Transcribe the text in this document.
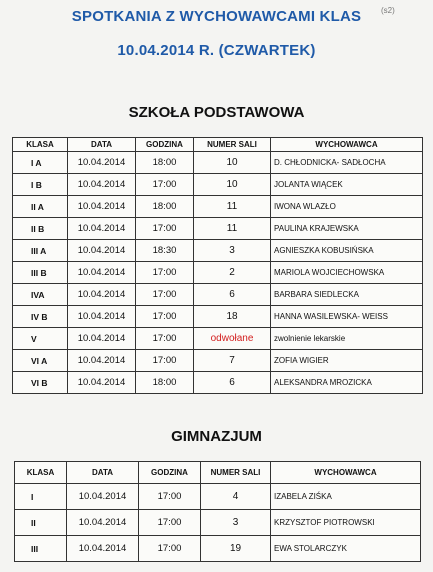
SPOTKANIA Z WYCHOWAWCAMI KLAS
10.04.2014 R. (CZWARTEK)
(s2)
SZKOŁA PODSTAWOWA
KLASA	DATA	GODZINA	NUMER SALI	WYCHOWAWCA
I A	10.04.2014	18:00	10	D. CHŁODNICKA- SADŁOCHA
I B	10.04.2014	17:00	10	JOLANTA WIĄCEK
II A	10.04.2014	18:00	11	IWONA WLAZŁO
II B	10.04.2014	17:00	11	PAULINA KRAJEWSKA
III A	10.04.2014	18:30	3	AGNIESZKA KOBUSIŃSKA
III B	10.04.2014	17:00	2	MARIOLA WOJCIECHOWSKA
IVA	10.04.2014	17:00	6	BARBARA SIEDLECKA
IV B	10.04.2014	17:00	18	HANNA WASILEWSKA- WEISS
V	10.04.2014	17:00	odwołane	zwolnienie lekarskie
VI A	10.04.2014	17:00	7	ZOFIA WIGIER
VI B	10.04.2014	18:00	6	ALEKSANDRA MROZICKA
GIMNAZJUM
KLASA	DATA	GODZINA	NUMER SALI	WYCHOWAWCA
I	10.04.2014	17:00	4	IZABELA ZIŚKA
II	10.04.2014	17:00	3	KRZYSZTOF PIOTROWSKI
III	10.04.2014	17:00	19	EWA STOLARCZYK
